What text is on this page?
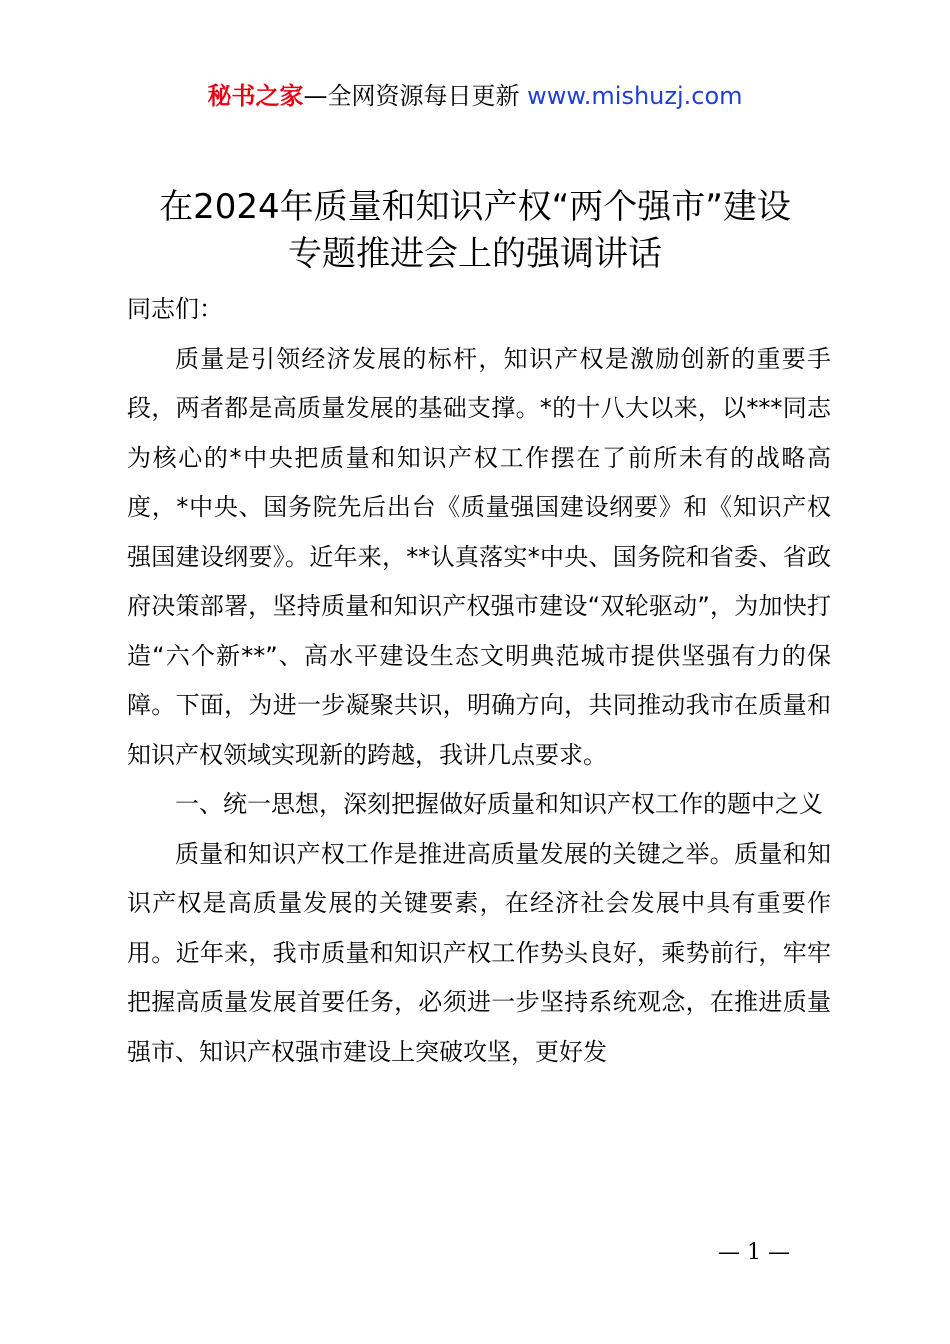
秘书之家—全网资源每日更新 www.mishuzj.com
在2024年质量和知识产权“两个强市”建设
专题推进会上的强调讲话

同志们：

质量是引领经济发展的标杆，知识产权是激励创新的重要手段，两者都是高质量发展的基础支撑。*的十八大以来，以***同志为核心的*中央把质量和知识产权工作摆在了前所未有的战略高度，*中央、国务院先后出台《质量强国建设纲要》和《知识产权强国建设纲要》。近年来，**认真落实*中央、国务院和省委、省政府决策部署，坚持质量和知识产权强市建设“双轮驱动”，为加快打造“六个新**”、高水平建设生态文明典范城市提供坚强有力的保障。下面，为进一步凝聚共识，明确方向，共同推动我市在质量和知识产权领域实现新的跨越，我讲几点要求。

一、统一思想，深刻把握做好质量和知识产权工作的题中之义

质量和知识产权工作是推进高质量发展的关键之举。质量和知识产权是高质量发展的关键要素，在经济社会发展中具有重要作用。近年来，我市质量和知识产权工作势头良好，乘势前行，牢牢把握高质量发展首要任务，必须进一步坚持系统观念，在推进质量强市、知识产权强市建设上突破攻坚，更好发

— 1 —
